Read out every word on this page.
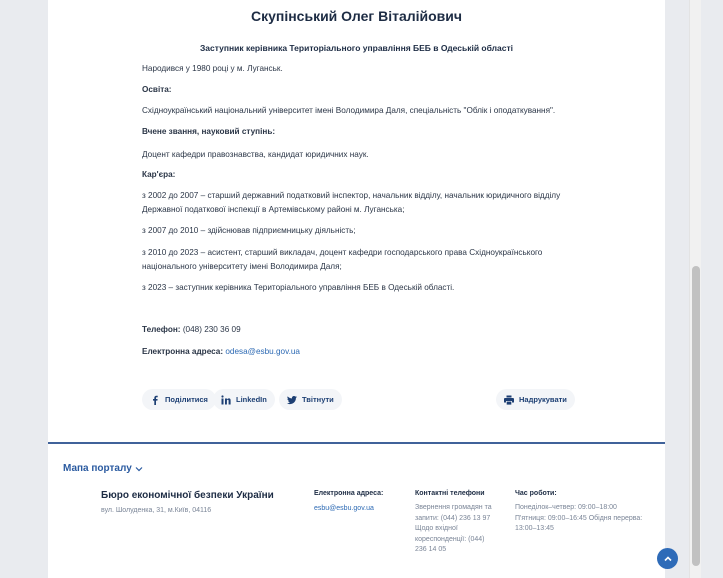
Скупінський Олег Віталійович
Заступник керівника Територіального управління БЕБ в Одеській області
Народився у 1980 році у м. Луганськ.
Освіта:
Східноукраїнський національний університет імені Володимира Даля, спеціальність "Облік і оподаткування".
Вчене звання, науковий ступінь:
Доцент кафедри правознавства, кандидат юридичних наук.
Кар'єра:
з 2002 до 2007 – старший державний податковий інспектор, начальник відділу, начальник юридичного відділу Державної податкової інспекції в Артемівському районі м. Луганська;
з 2007 до 2010 – здійснював підприємницьку діяльність;
з 2010 до 2023 – асистент, старший викладач, доцент кафедри господарського права Східноукраїнського національного університету імені Володимира Даля;
з 2023 – заступник керівника Територіального управління БЕБ в Одеській області.
Телефон: (048) 230 36 09
Електронна адреса: odesa@esbu.gov.ua
Поділитися	LinkedIn	Твітнути	Надрукувати
Мапа порталу
Бюро економічної безпеки України
вул. Шолуденка, 31, м.Київ, 04116
Електронна адреса:
esbu@esbu.gov.ua
Контактні телефони
Звернення громадян та
запити: (044) 236 13 97
Щодо вхідної
кореспонденції: (044)
236 14 05
Час роботи:
Понеділок–четвер: 09:00–18:00
П'ятниця: 09:00–16:45 Обідня перерва:
13:00–13:45
